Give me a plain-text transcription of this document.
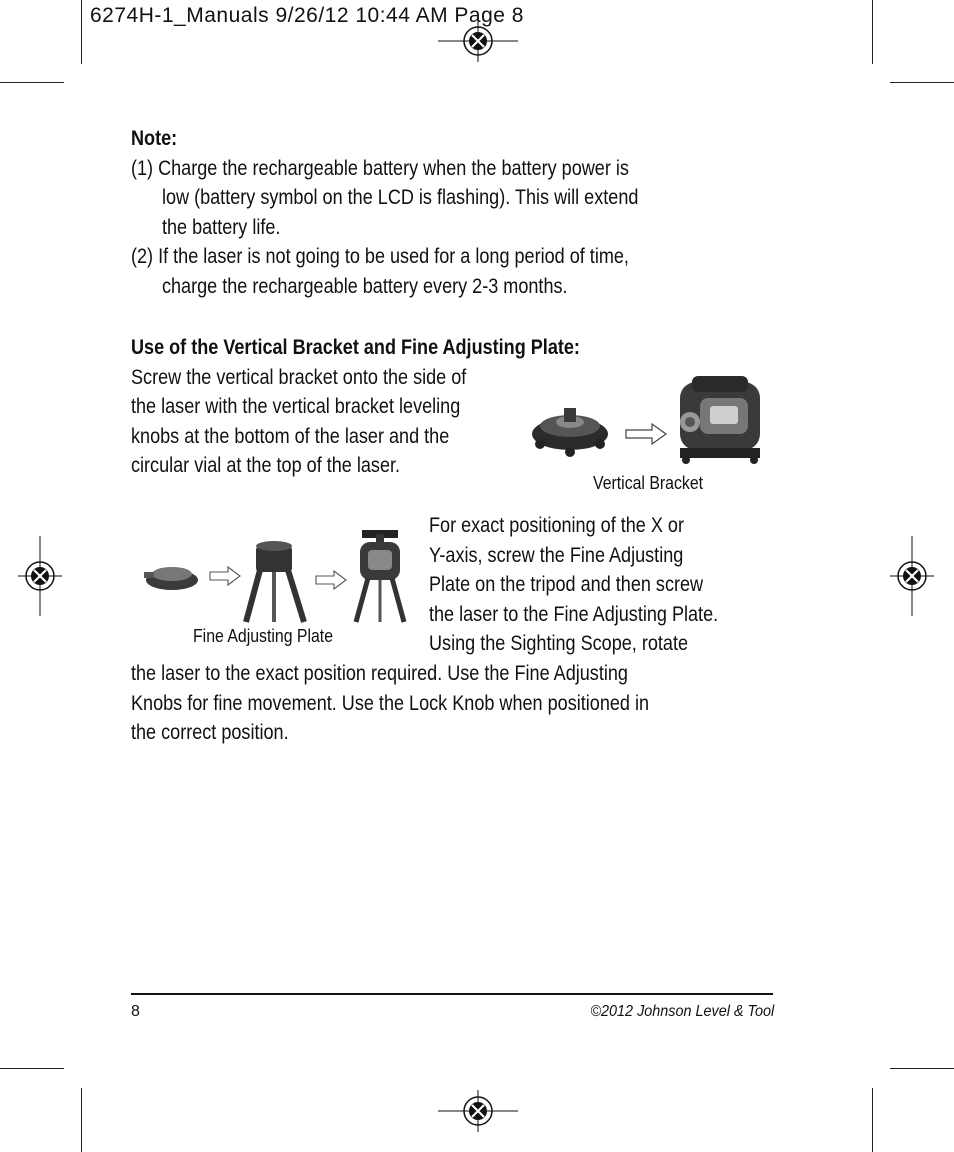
6274H-1_Manuals 9/26/12 10:44 AM Page 8
Note:
(1) Charge the rechargeable battery when the battery power is
low (battery symbol on the LCD is flashing). This will extend
the battery life.
(2) If the laser is not going to be used for a long period of time,
charge the rechargeable battery every 2-3 months.
Use of the Vertical Bracket and Fine Adjusting Plate:
Screw the vertical bracket onto the side of
the laser with the vertical bracket leveling
knobs at the bottom of the laser and the
circular vial at the top of the laser.
Vertical Bracket
Fine Adjusting Plate
For exact positioning of the X or
Y-axis, screw the Fine Adjusting
Plate on the tripod and then screw
the laser to the Fine Adjusting Plate.
Using the Sighting Scope, rotate
the laser to the exact position required. Use the Fine Adjusting
Knobs for fine movement. Use the Lock Knob when positioned in
the correct position.
8	©2012 Johnson Level & Tool
